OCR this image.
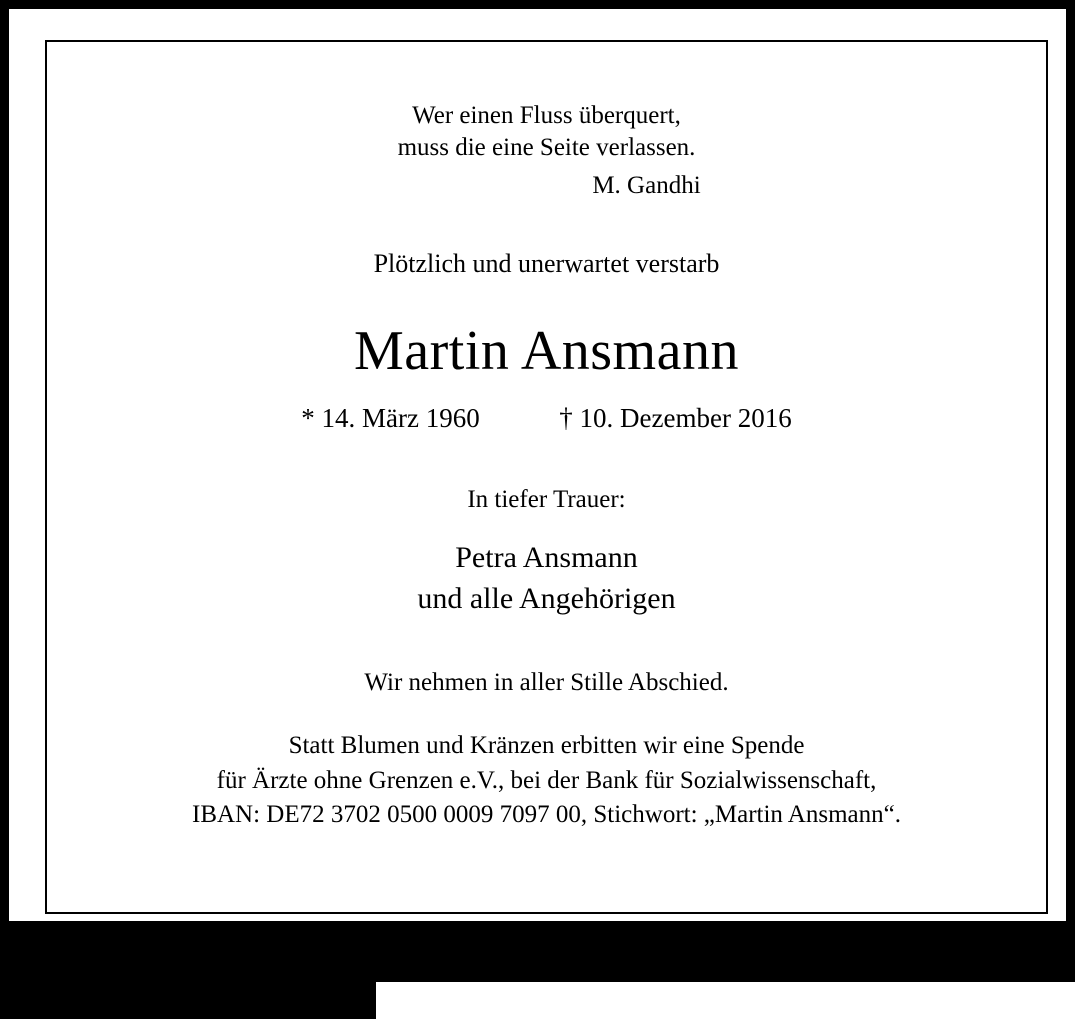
Wer einen Fluss überquert,
muss die eine Seite verlassen.
M. Gandhi
Plötzlich und unerwartet verstarb
Martin Ansmann
* 14. März 1960	† 10. Dezember 2016
In tiefer Trauer:
Petra Ansmann
und alle Angehörigen
Wir nehmen in aller Stille Abschied.
Statt Blumen und Kränzen erbitten wir eine Spende
für Ärzte ohne Grenzen e.V., bei der Bank für Sozialwissenschaft,
IBAN: DE72 3702 0500 0009 7097 00, Stichwort: „Martin Ansmann“.
